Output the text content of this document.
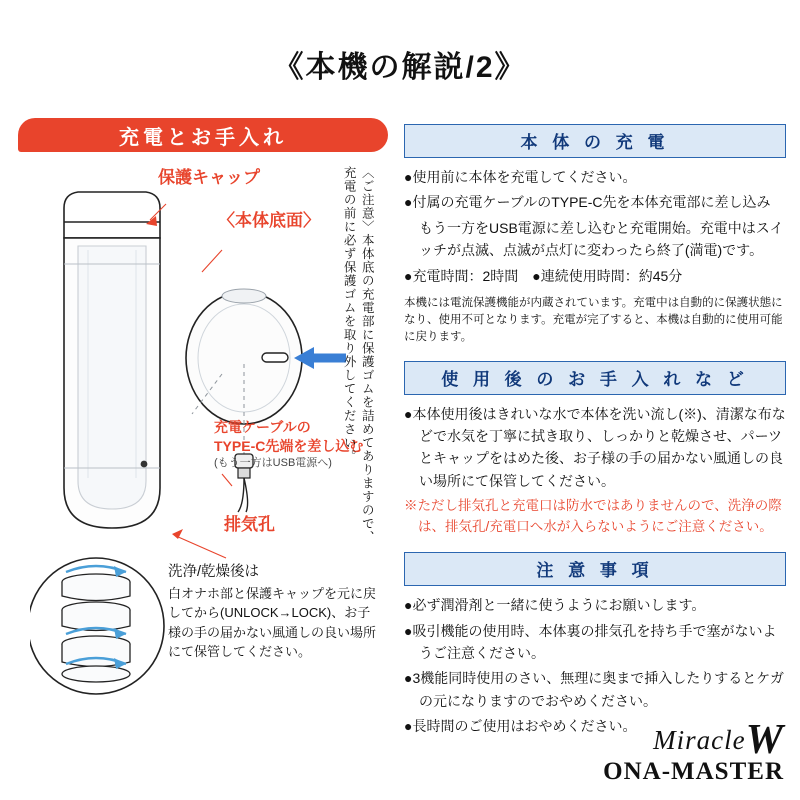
《本機の解説/2》
充電とお手入れ
保護キャップ
〈本体底面〉
充電ケーブルの
TYPE-C先端を差し込む
(もう一方はUSB電源へ)
排気孔	〈ご注意〉本体底の充電部に保護ゴムを詰めてありますので、充電の前に必ず保護ゴムを取り外してください。
洗浄/乾燥後は
白オナホ部と保護キャップを元に戻してから(UNLOCK→LOCK)、お子様の手の届かない風通しの良い場所にて保管してください。
本 体 の 充 電

●使用前に本体を充電してください。

●付属の充電ケーブルのTYPE-C先を本体充電部に差し込み

もう一方をUSB電源に差し込むと充電開始。充電中はスイッチが点滅、点滅が点灯に変わったら終了(満電)です。

●充電時間：2時間　●連続使用時間：約45分

本機には電流保護機能が内蔵されています。充電中は自動的に保護状態になり、使用不可となります。充電が完了すると、本機は自動的に使用可能に戻ります。
使 用 後 の お 手 入 れ な ど

●本体使用後はきれいな水で本体を洗い流し(※)、清潔な布などで水気を丁寧に拭き取り、しっかりと乾燥させ、パーツとキャップをはめた後、お子様の手の届かない風通しの良い場所にて保管してください。

※ただし排気孔と充電口は防水ではありませんので、洗浄の際は、排気孔/充電口へ水が入らないようにご注意ください。
注 意 事 項

●必ず潤滑剤と一緒に使うようにお願いします。

●吸引機能の使用時、本体裏の排気孔を持ち手で塞がないようご注意ください。

●3機能同時使用のさい、無理に奥まで挿入したりするとケガの元になりますのでおやめください。

●長時間のご使用はおやめください。 MiracleW
ONA-MASTER
